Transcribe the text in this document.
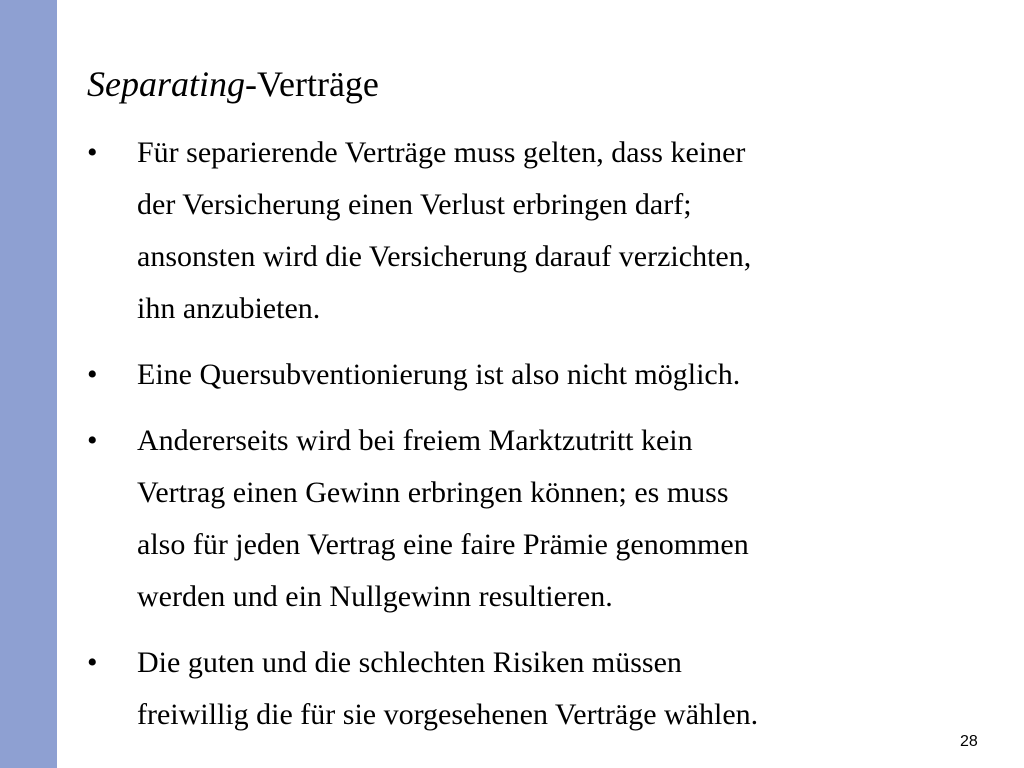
Separating-Verträge
•	Für separierende Verträge muss gelten, dass keiner
der Versicherung einen Verlust erbringen darf;
ansonsten wird die Versicherung darauf verzichten,
ihn anzubieten.
•	Eine Quersubventionierung ist also nicht möglich.
•	Andererseits wird bei freiem Marktzutritt kein
Vertrag einen Gewinn erbringen können; es muss
also für jeden Vertrag eine faire Prämie genommen
werden und ein Nullgewinn resultieren.
•	Die guten und die schlechten Risiken müssen
freiwillig die für sie vorgesehenen Verträge wählen.
28
